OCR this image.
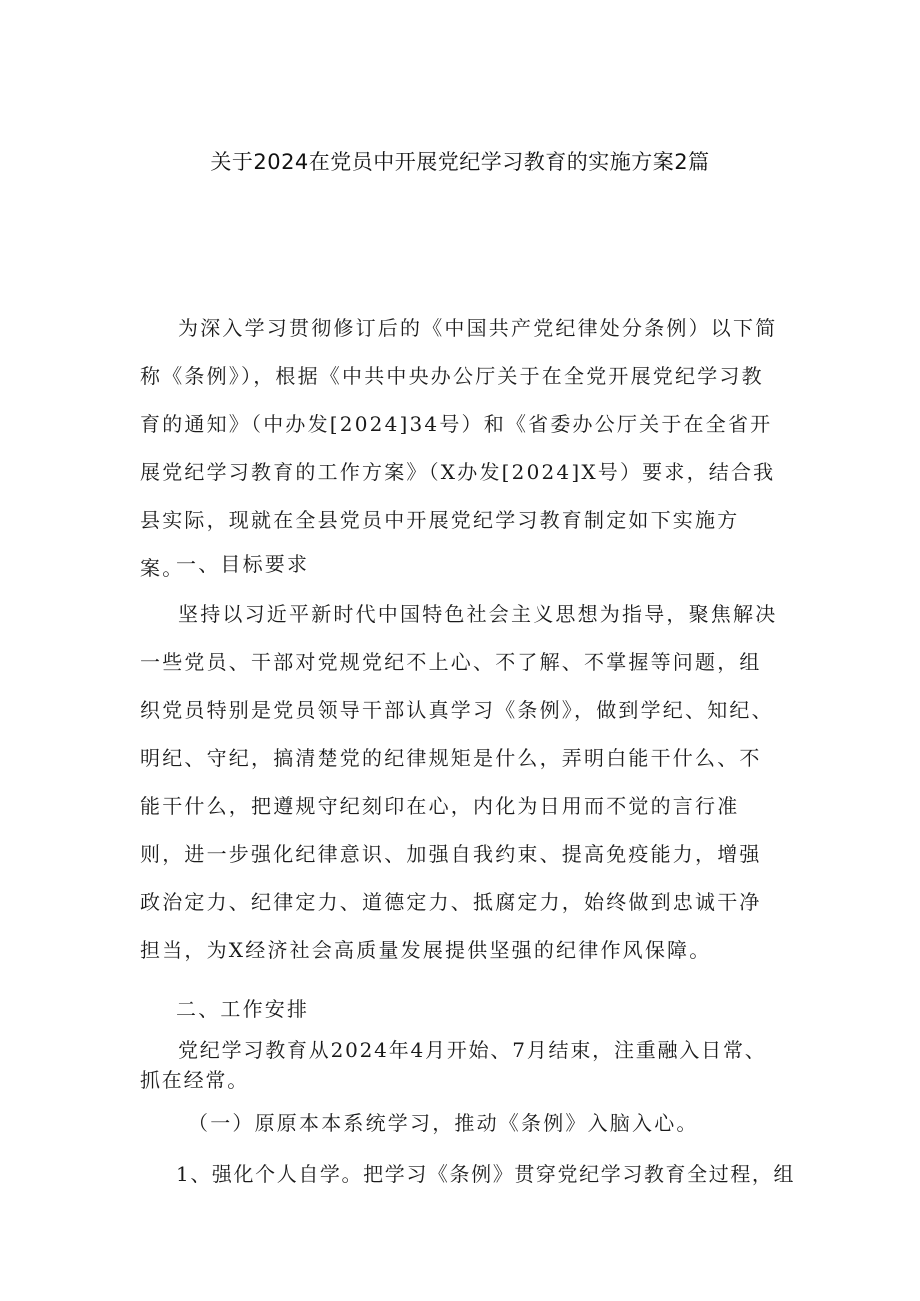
关于2024在党员中开展党纪学习教育的实施方案2篇

为深入学习贯彻修订后的《中国共产党纪律处分条例）以下简称《条例》），根据《中共中央办公厅关于在全党开展党纪学习教育的通知》（中办发[2024]34号）和《省委办公厅关于在全省开展党纪学习教育的工作方案》（X办发[2024]X号）要求，结合我县实际，现就在全县党员中开展党纪学习教育制定如下实施方案。

一、目标要求

坚持以习近平新时代中国特色社会主义思想为指导，聚焦解决一些党员、干部对党规党纪不上心、不了解、不掌握等问题，组织党员特别是党员领导干部认真学习《条例》，做到学纪、知纪、明纪、守纪，搞清楚党的纪律规矩是什么，弄明白能干什么、不能干什么，把遵规守纪刻印在心，内化为日用而不觉的言行准则，进一步强化纪律意识、加强自我约束、提高免疫能力，增强政治定力、纪律定力、道德定力、抵腐定力，始终做到忠诚干净担当，为X经济社会高质量发展提供坚强的纪律作风保障。

二、工作安排

党纪学习教育从2024年4月开始、7月结束，注重融入日常、抓在经常。

（一）原原本本系统学习，推动《条例》入脑入心。

1、强化个人自学。把学习《条例》贯穿党纪学习教育全过程，组
